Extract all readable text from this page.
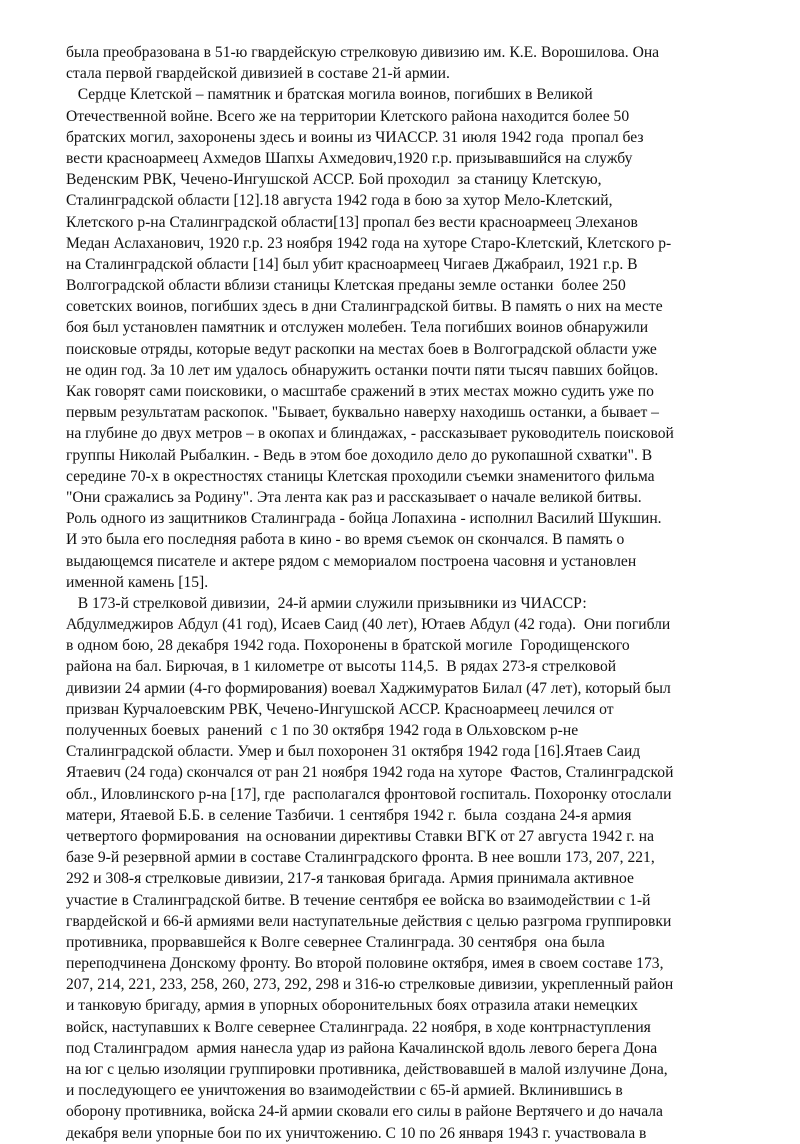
была преобразована в 51-ю гвардейскую стрелковую дивизию им. К.Е. Ворошилова. Она
стала первой гвардейской дивизией в составе 21-й армии.
Сердце Клетской – памятник и братская могила воинов, погибших в Великой
Отечественной войне. Всего же на территории Клетского района находится более 50
братских могил, захоронены здесь и воины из ЧИАССР. 31 июля 1942 года  пропал без
вести красноармеец Ахмедов Шапхы Ахмедович,1920 г.р. призывавшийся на службу
Веденским РВК, Чечено-Ингушской АССР. Бой проходил  за станицу Клетскую,
Сталинградской области [12].18 августа 1942 года в бою за хутор Мело-Клетский,
Клетского р-на Сталинградской области[13] пропал без вести красноармеец Элеханов
Медан Аслаханович, 1920 г.р. 23 ноября 1942 года на хуторе Старо-Клетский, Клетского р-
на Сталинградской области [14] был убит красноармеец Чигаев Джабраил, 1921 г.р. В
Волгоградской области вблизи станицы Клетская преданы земле останки  более 250
советских воинов, погибших здесь в дни Сталинградской битвы. В память о них на месте
боя был установлен памятник и отслужен молебен. Тела погибших воинов обнаружили
поисковые отряды, которые ведут раскопки на местах боев в Волгоградской области уже
не один год. За 10 лет им удалось обнаружить останки почти пяти тысяч павших бойцов.
Как говорят сами поисковики, о масштабе сражений в этих местах можно судить уже по
первым результатам раскопок. "Бывает, буквально наверху находишь останки, а бывает –
на глубине до двух метров – в окопах и блиндажах, - рассказывает руководитель поисковой
группы Николай Рыбалкин. - Ведь в этом бое доходило дело до рукопашной схватки". В
середине 70-х в окрестностях станицы Клетская проходили съемки знаменитого фильма
"Они сражались за Родину". Эта лента как раз и рассказывает о начале великой битвы.
Роль одного из защитников Сталинграда - бойца Лопахина - исполнил Василий Шукшин.
И это была его последняя работа в кино - во время съемок он скончался. В память о
выдающемся писателе и актере рядом с мемориалом построена часовня и установлен
именной камень [15].
В 173-й стрелковой дивизии,  24-й армии служили призывники из ЧИАССР:
Абдулмеджиров Абдул (41 год), Исаев Саид (40 лет), Ютаев Абдул (42 года).  Они погибли
в одном бою, 28 декабря 1942 года. Похоронены в братской могиле  Городищенского
района на бал. Бирючая, в 1 километре от высоты 114,5.  В рядах 273-я стрелковой
дивизии 24 армии (4-го формирования) воевал Хаджимуратов Билал (47 лет), который был
призван Курчалоевским РВК, Чечено-Ингушской АССР. Красноармеец лечился от
полученных боевых  ранений  с 1 по 30 октября 1942 года в Ольховском р-не
Сталинградской области. Умер и был похоронен 31 октября 1942 года [16].Ятаев Саид
Ятаевич (24 года) скончался от ран 21 ноября 1942 года на хуторе  Фастов, Сталинградской
обл., Иловлинского р-на [17], где  располагался фронтовой госпиталь. Похоронку отослали
матери, Ятаевой Б.Б. в селение Тазбичи. 1 сентября 1942 г.  была  создана 24-я армия
четвертого формирования  на основании директивы Ставки ВГК от 27 августа 1942 г. на
базе 9-й резервной армии в составе Сталинградского фронта. В нее вошли 173, 207, 221,
292 и 308-я стрелковые дивизии, 217-я танковая бригада. Армия принимала активное
участие в Сталинградской битве. В течение сентября ее войска во взаимодействии с 1-й
гвардейской и 66-й армиями вели наступательные действия с целью разгрома группировки
противника, прорвавшейся к Волге севернее Сталинграда. 30 сентября  она была
переподчинена Донскому фронту. Во второй половине октября, имея в своем составе 173,
207, 214, 221, 233, 258, 260, 273, 292, 298 и 316-ю стрелковые дивизии, укрепленный район
и танковую бригаду, армия в упорных оборонительных боях отразила атаки немецких
войск, наступавших к Волге севернее Сталинграда. 22 ноября, в ходе контрнаступления
под Сталинградом  армия нанесла удар из района Качалинской вдоль левого берега Дона
на юг с целью изоляции группировки противника, действовавшей в малой излучине Дона,
и последующего ее уничтожения во взаимодействии с 65-й армией. Вклинившись в
оборону противника, войска 24-й армии сковали его силы в районе Вертячего и до начала
декабря вели упорные бои по их уничтожению. С 10 по 26 января 1943 г. участвовала в
